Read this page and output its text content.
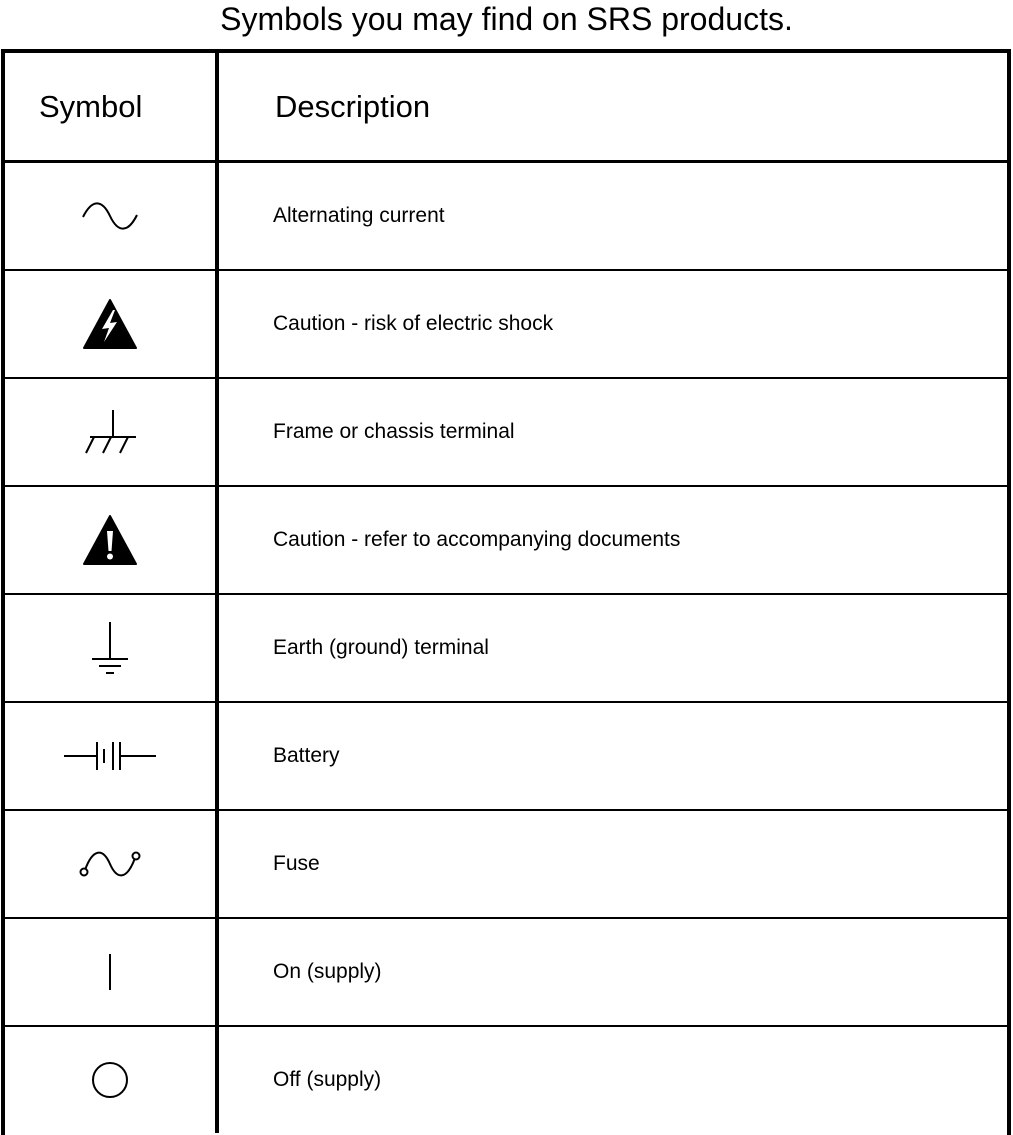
Symbols you may find on SRS products.
Symbol	Description
Alternating current
Caution - risk of electric shock
Frame or chassis terminal
Caution - refer to accompanying documents
Earth (ground) terminal
Battery
Fuse
On (supply)
Off (supply)
